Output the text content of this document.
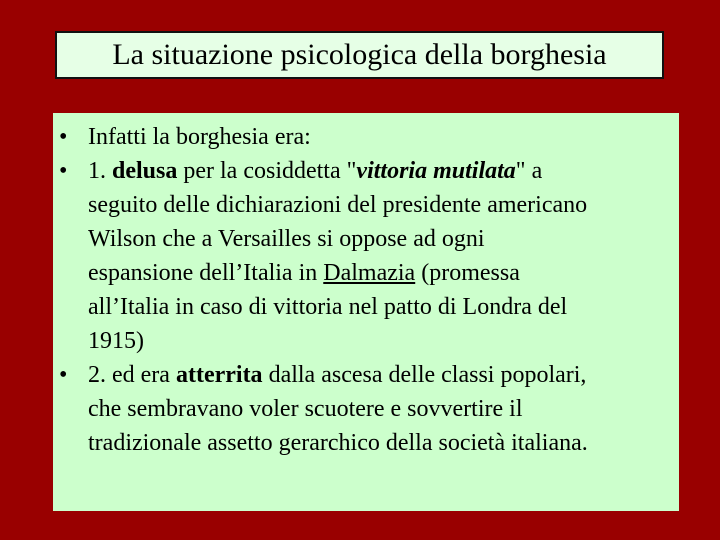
La situazione psicologica della borghesia
• Infatti la borghesia era:
• 1. delusa per la cosiddetta "vittoria mutilata" a
seguito delle dichiarazioni del presidente americano
Wilson che a Versailles si oppose ad ogni
espansione dell’Italia in Dalmazia (promessa
all’Italia in caso di vittoria nel patto di Londra del
1915)
• 2. ed era atterrita dalla ascesa delle classi popolari,
che sembravano voler scuotere e sovvertire il
tradizionale assetto gerarchico della società italiana.
